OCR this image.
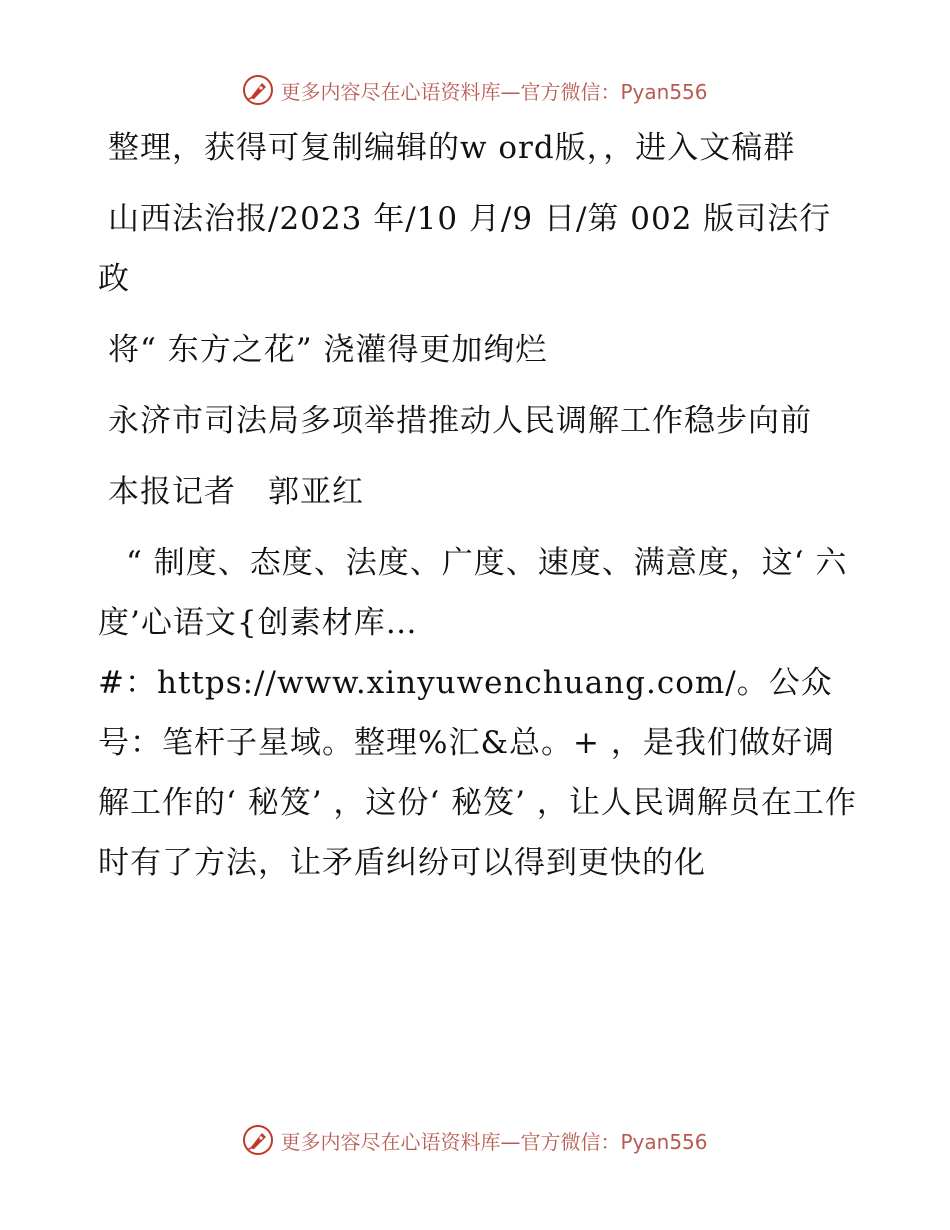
更多内容尽在心语资料库—官方微信：Pyan556

整理，获得可复制编辑的w ord版，，进入文稿群

山西法治报/2023 年/10 月/9 日/第 002 版司法行政

将“ 东方之花” 浇灌得更加绚烂

永济市司法局多项举措推动人民调解工作稳步向前

本报记者　郭亚红

“ 制度、态度、法度、广度、速度、满意度，这‘ 六度’心语文{创素材库…

#：https://www.xinyuwenchuang.com/。公众号：笔杆子星域。整理%汇&总。+ ，是我们做好调解工作的‘ 秘笈’ ，这份‘ 秘笈’ ，让人民调解员在工作时有了方法，让矛盾纠纷可以得到更快的化

更多内容尽在心语资料库—官方微信：Pyan556
